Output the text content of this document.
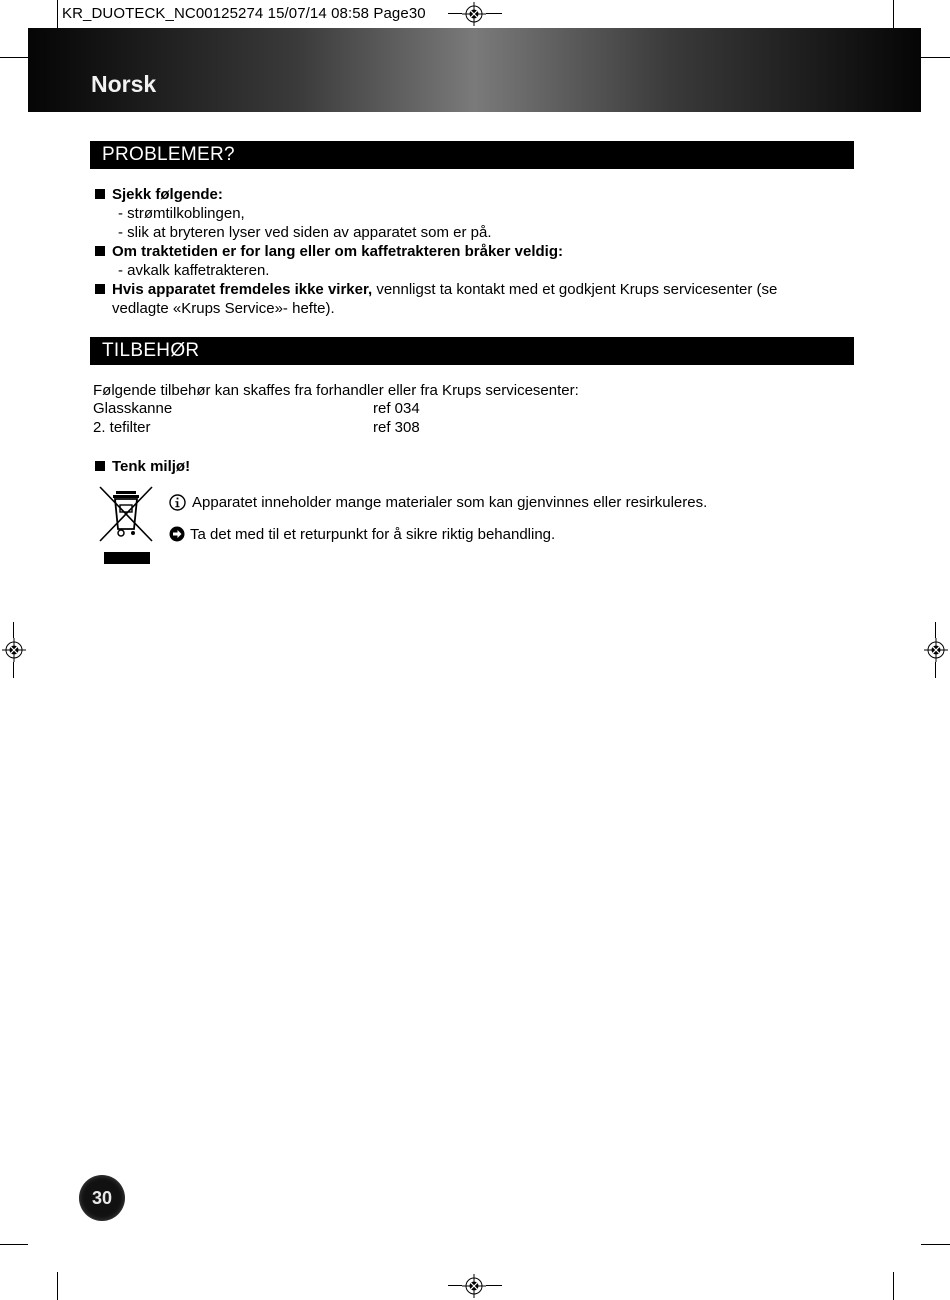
KR_DUOTECK_NC00125274 15/07/14 08:58 Page30
Norsk
PROBLEMER?
Sjekk følgende:
- strømtilkoblingen,
- slik at bryteren lyser ved siden av apparatet som er på.
Om traktetiden er for lang eller om kaffetrakteren bråker veldig:
- avkalk kaffetrakteren.
Hvis apparatet fremdeles ikke virker, vennligst ta kontakt med et godkjent Krups servicesenter (se
vedlagte «Krups Service»- hefte).
TILBEHØR
Følgende tilbehør kan skaffes fra forhandler eller fra Krups servicesenter:
Glasskanne	ref 034
2. tefilter	ref 308
Tenk miljø!
Apparatet inneholder mange materialer som kan gjenvinnes eller resirkuleres.
Ta det med til et returpunkt for å sikre riktig behandling.
30
